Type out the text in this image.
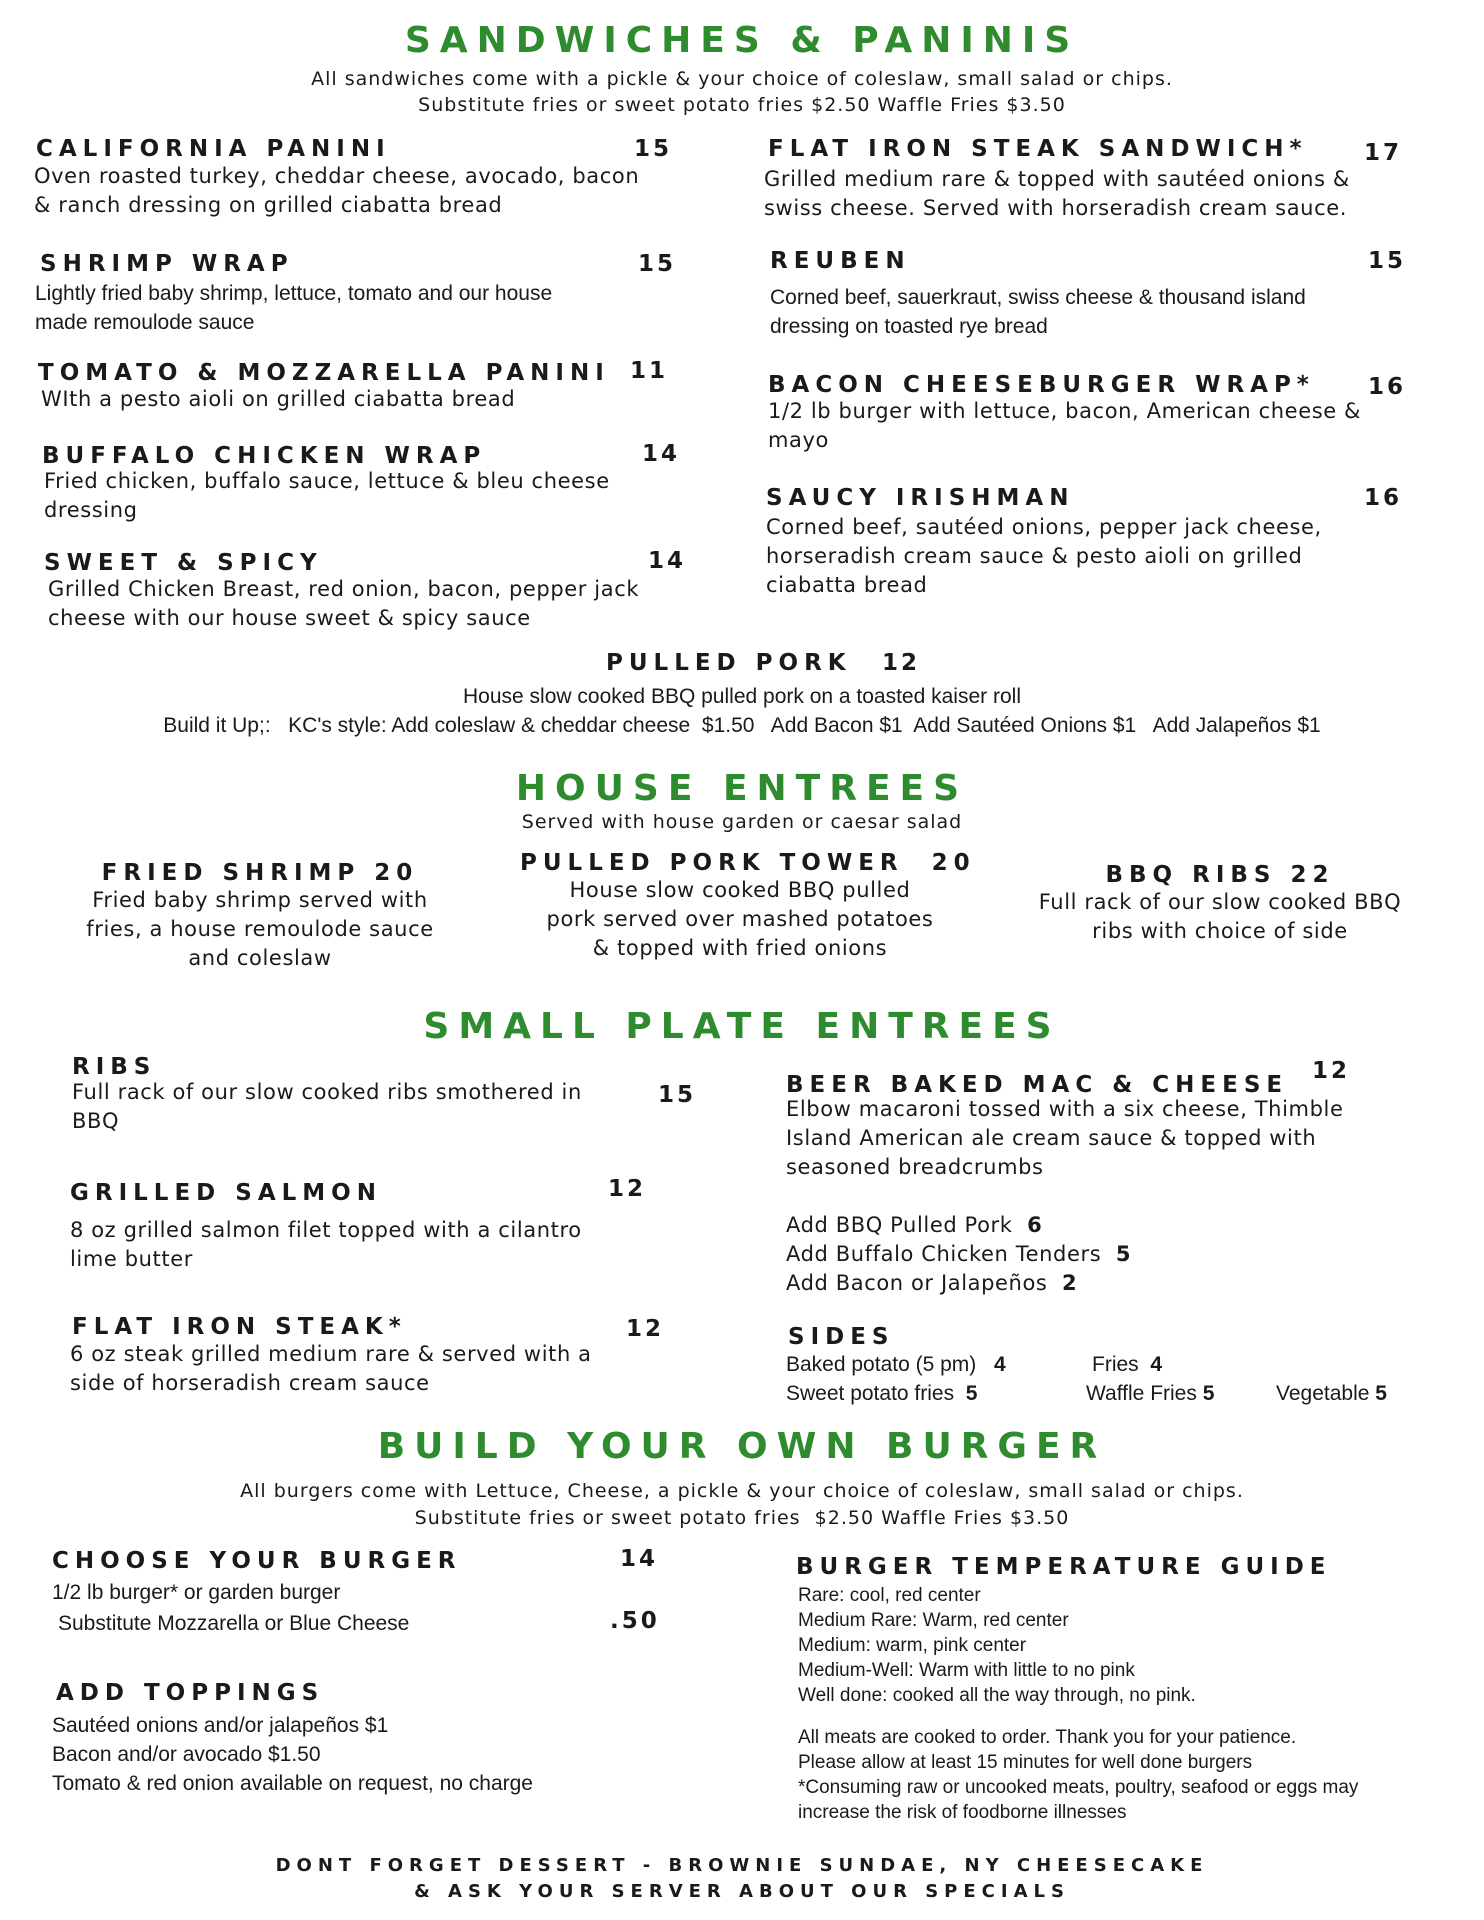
SANDWICHES & PANINIS
All sandwiches come with a pickle & your choice of coleslaw, small salad or chips.
Substitute fries or sweet potato fries $2.50 Waffle Fries $3.50
CALIFORNIA PANINI	15
Oven roasted turkey, cheddar cheese, avocado, bacon
& ranch dressing on grilled ciabatta bread
SHRIMP WRAP	15
Lightly fried baby shrimp, lettuce, tomato and our house
made remoulode sauce
TOMATO & MOZZARELLA PANINI 11
WIth a pesto aioli on grilled ciabatta bread
BUFFALO CHICKEN WRAP	14
Fried chicken, buffalo sauce, lettuce & bleu cheese
dressing
SWEET & SPICY	14
Grilled Chicken Breast, red onion, bacon, pepper jack
cheese with our house sweet & spicy sauce
FLAT IRON STEAK SANDWICH* 17
Grilled medium rare & topped with sautéed onions &
swiss cheese. Served with horseradish cream sauce.
REUBEN	15
Corned beef, sauerkraut, swiss cheese & thousand island
dressing on toasted rye bread
BACON CHEESEBURGER WRAP* 16
1/2 lb burger with lettuce, bacon, American cheese &
mayo
SAUCY IRISHMAN	16
Corned beef, sautéed onions, pepper jack cheese,
horseradish cream sauce & pesto aioli on grilled
ciabatta bread
PULLED PORK 12
House slow cooked BBQ pulled pork on a toasted kaiser roll
Build it Up;:   KC's style: Add coleslaw & cheddar cheese  $1.50   Add Bacon $1  Add Sautéed Onions $1   Add Jalapeños $1
HOUSE ENTREES
Served with house garden or caesar salad
FRIED SHRIMP 20
Fried baby shrimp served with
fries, a house remoulode sauce
and coleslaw
PULLED PORK TOWER  20
House slow cooked BBQ pulled
pork served over mashed potatoes
& topped with fried onions
BBQ RIBS 22
Full rack of our slow cooked BBQ
ribs with choice of side
SMALL PLATE ENTREES
RIBS
15
Full rack of our slow cooked ribs smothered in
BBQ
GRILLED SALMON	12
8 oz grilled salmon filet topped with a cilantro
lime butter
FLAT IRON STEAK*	12
6 oz steak grilled medium rare & served with a
side of horseradish cream sauce
BEER BAKED MAC & CHEESE
12
Elbow macaroni tossed with a six cheese, Thimble
Island American ale cream sauce & topped with
seasoned breadcrumbs
Add BBQ Pulled Pork 6
Add Buffalo Chicken Tenders 5
Add Bacon or Jalapeños 2
SIDES
Baked potato (5 pm) 4	Fries 4
Sweet potato fries 5	Waffle Fries 5	Vegetable 5
BUILD YOUR OWN BURGER
All burgers come with Lettuce, Cheese, a pickle & your choice of coleslaw, small salad or chips.
Substitute fries or sweet potato fries  $2.50 Waffle Fries $3.50
CHOOSE YOUR BURGER	14
1/2 lb burger* or garden burger
Substitute Mozzarella or Blue Cheese	.50
ADD TOPPINGS
Sautéed onions and/or jalapeños $1
Bacon and/or avocado $1.50
Tomato & red onion available on request, no charge
BURGER TEMPERATURE GUIDE
Rare: cool, red center
Medium Rare: Warm, red center
Medium: warm, pink center
Medium-Well: Warm with little to no pink
Well done: cooked all the way through, no pink.
All meats are cooked to order. Thank you for your patience.
Please allow at least 15 minutes for well done burgers
*Consuming raw or uncooked meats, poultry, seafood or eggs may
increase the risk of foodborne illnesses
DONT FORGET DESSERT - BROWNIE SUNDAE, NY CHEESECAKE
& ASK YOUR SERVER ABOUT OUR SPECIALS
